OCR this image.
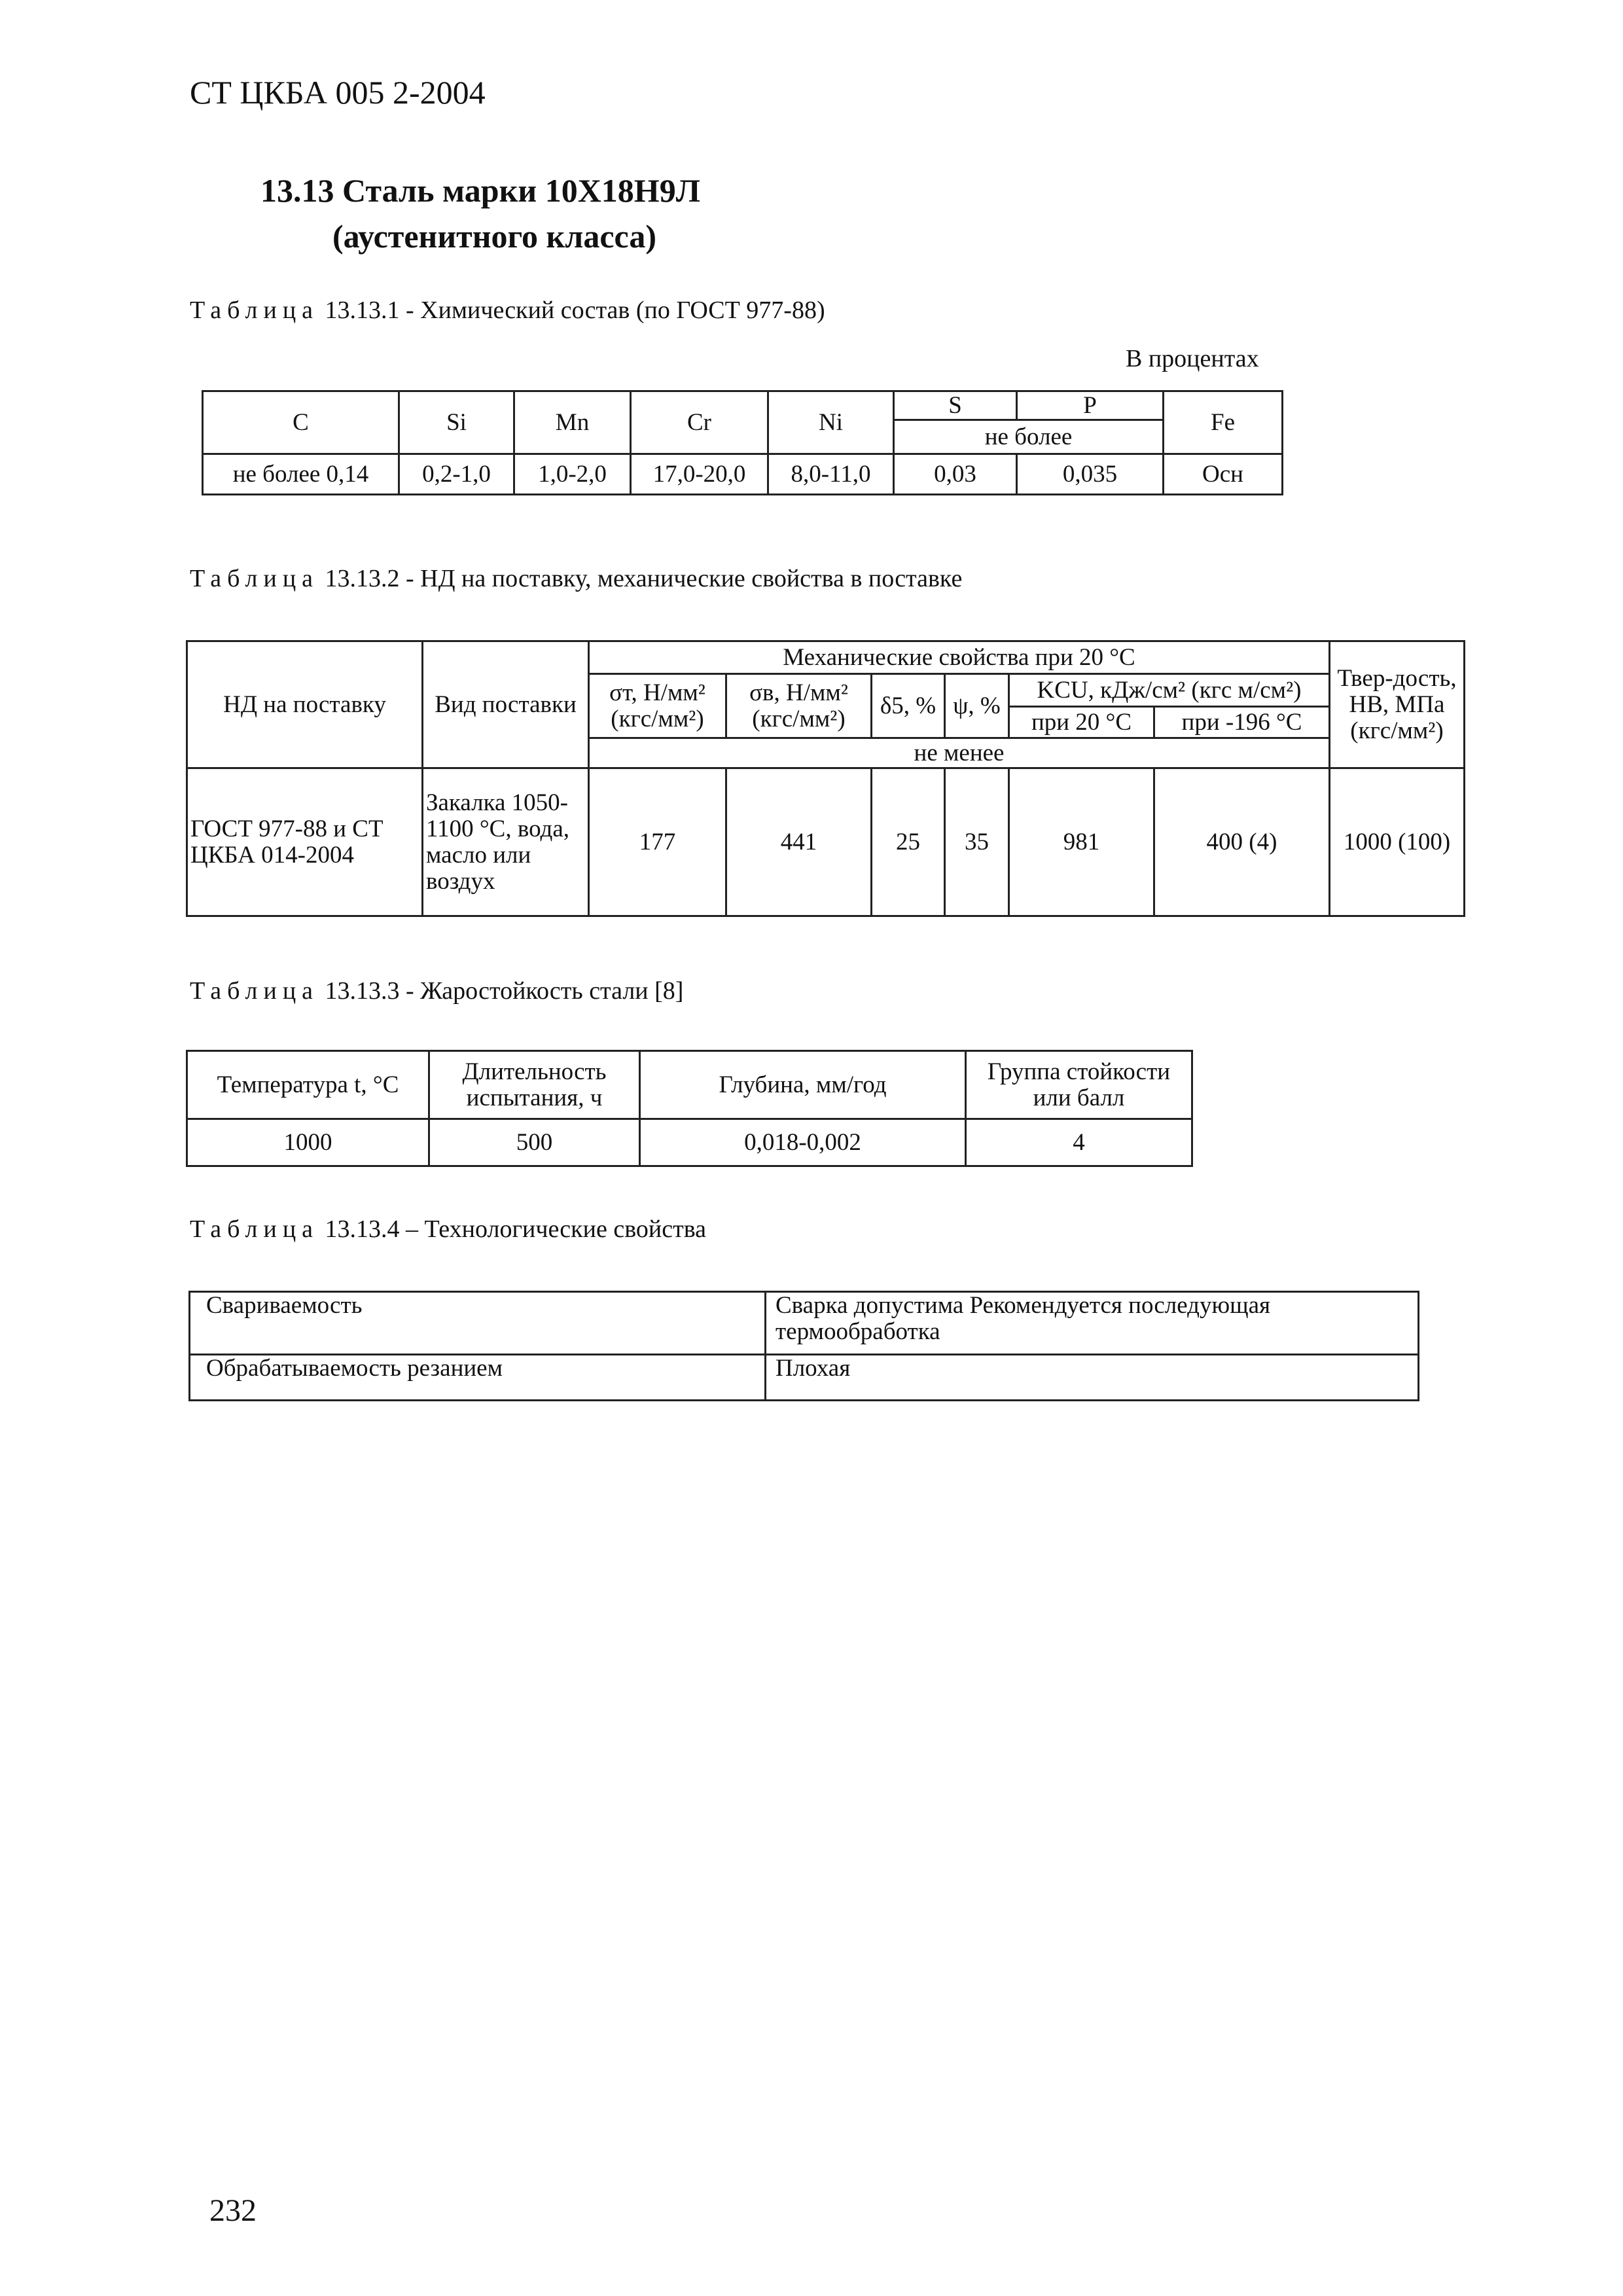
СТ ЦКБА 005 2-2004
13.13 Сталь марки 10Х18Н9Л
(аустенитного класса)
Таблица 13.13.1 - Химический состав (по ГОСТ 977-88)
В процентах
C	Si	Mn	Cr	Ni	S	P	Fe
					не более		
не более 0,14	0,2-1,0	1,0-2,0	17,0-20,0	8,0-11,0	0,03	0,035	Осн
Таблица 13.13.2 - НД на поставку, механические свойства в поставке
НД на поставку	Вид поставки	Механические свойства при 20 °С						Твер-дость, НВ, МПа (кгс/мм²)
		σт, Н/мм² (кгс/мм²)	σв, Н/мм² (кгс/мм²)	δ5, %	ψ, %	KCU, кДж/см² (кгс м/см²)		
						при 20 °С	при -196 °С	
		не менее						
ГОСТ 977-88 и СТ ЦКБА 014-2004	Закалка 1050-1100 °С, вода, масло или воздух	177	441	25	35	981	400 (4)	1000 (100)
Таблица 13.13.3 - Жаростойкость стали [8]
Температура t, °С	Длительность испытания, ч	Глубина, мм/год	Группа стойкости или балл
1000	500	0,018-0,002	4
Таблица 13.13.4 – Технологические свойства
Свариваемость	Сварка допустима Рекомендуется последующая термообработка
Обрабатываемость резанием	Плохая
232
